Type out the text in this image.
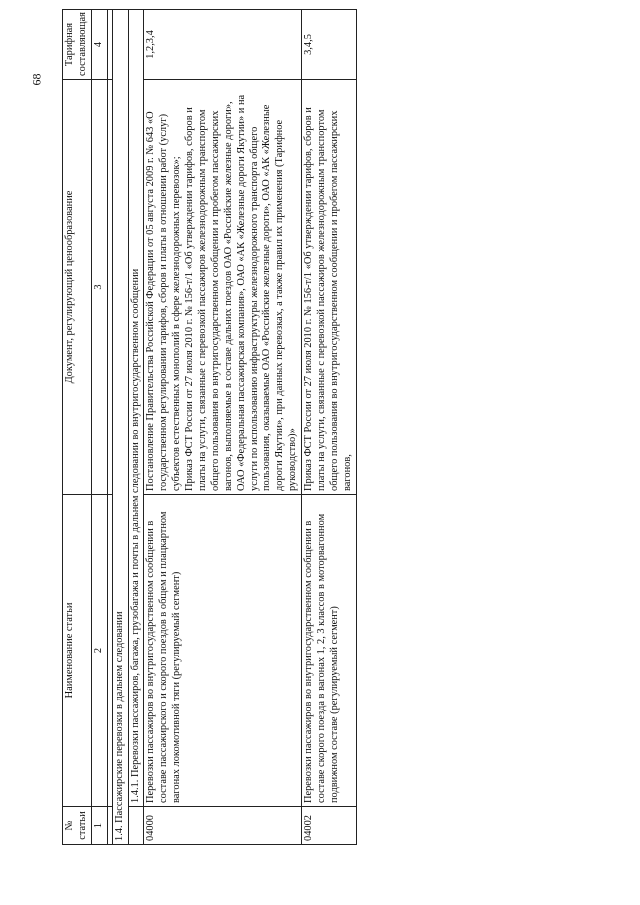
68
№ статьи	Наименование статьи	Документ, регулирующий ценообразование	Тарифная составляющая
1	2	3	4

1.4. Пассажирские перевозки в дальнем следовании			
	1.4.1. Перевозки пассажиров, багажа, грузобагажа и почты в дальнем следовании во внутригосударственном сообщении		
04000	Перевозки пассажиров во внутригосударственном сообщении в составе пассажирского и скорого поездов в общем и плацкартном вагонах локомотивной тяги (регулируемый сегмент)	Постановление Правительства Российской Федерации от 05 августа 2009 г. № 643 «О государственном регулировании тарифов, сборов и платы в отношении работ (услуг) субъектов естественных монополий в сфере железнодорожных перевозок»;
Приказ ФСТ России от 27 июля 2010 г. № 156-т/1 «Об утверждении тарифов, сборов и платы на услуги, связанные с перевозкой пассажиров железнодорожным транспортом общего пользования во внутригосударственном сообщении и пробегом пассажирских вагонов, выполняемые в составе дальних поездов ОАО «Российские железные дороги», ОАО «Федеральная пассажирская компания», ОАО «АК «Железные дороги Якутии» и на услуги по использованию инфраструктуры железнодорожного транспорта общего пользования, оказываемые ОАО «Российские железные дороги», ОАО «АК «Железные дороги Якутии», при данных перевозках, а также правил их применения (Тарифное руководство)»	1,2,3,4
04002	Перевозки пассажиров во внутригосударственном сообщении в составе скорого поезда в вагонах 1, 2, 3 классов в моторвагонном подвижном составе (регулируемый сегмент)	Приказ ФСТ России от 27 июля 2010 г. № 156-т/1 «Об утверждении тарифов, сборов и платы на услуги, связанные с перевозкой пассажиров железнодорожным транспортом общего пользования во внутригосударственном сообщении и пробегом пассажирских вагонов,	3,4,5
